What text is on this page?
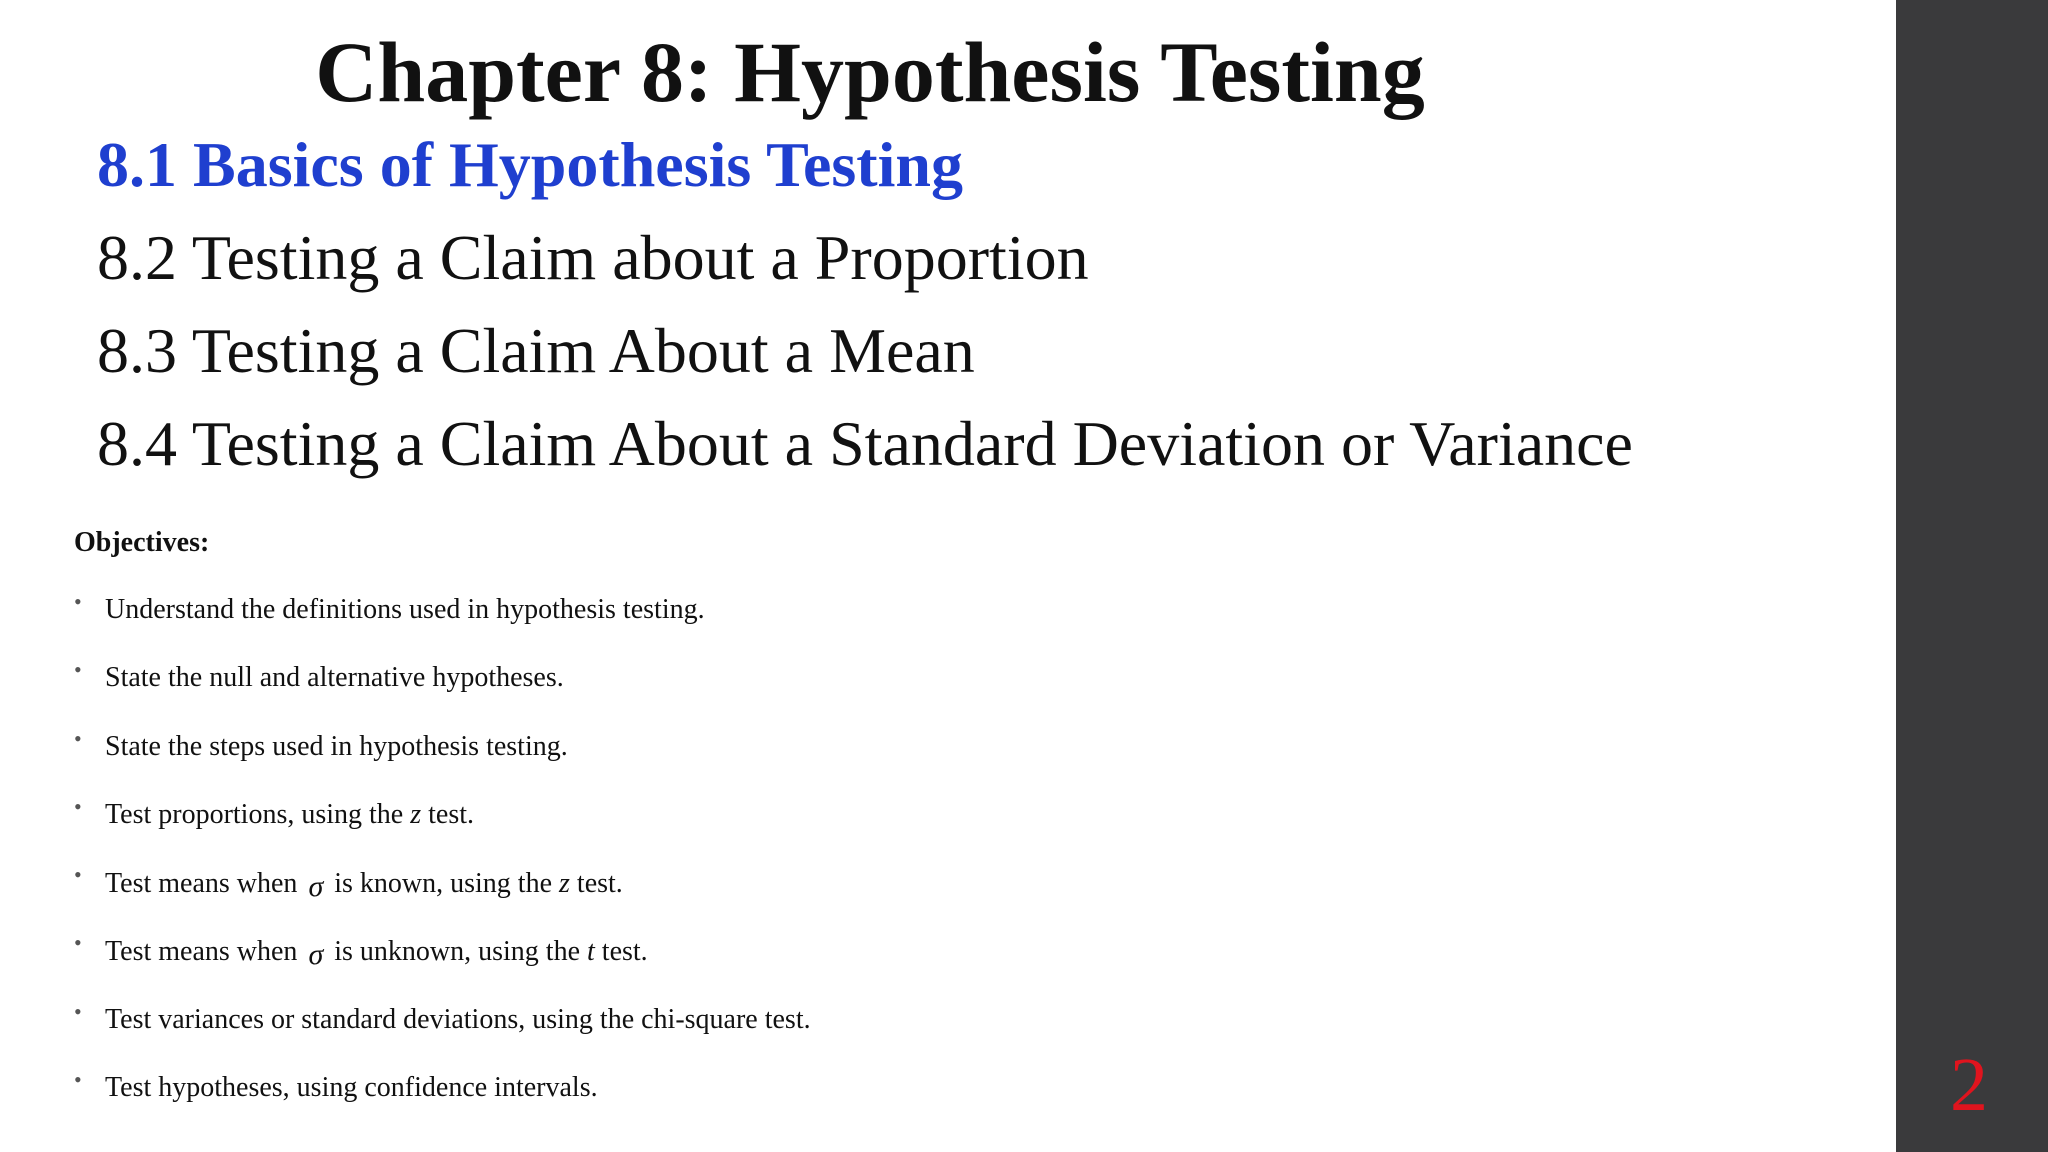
Chapter 8: Hypothesis Testing
8.1 Basics of Hypothesis Testing
8.2 Testing a Claim about a Proportion
8.3 Testing a Claim About a Mean
8.4 Testing a Claim About a Standard Deviation or Variance
Objectives:
• Understand the definitions used in hypothesis testing.
• State the null and alternative hypotheses.
• State the steps used in hypothesis testing.
• Test proportions, using the z test.
• Test means when σ is known, using the z test.
• Test means when σ is unknown, using the t test.
• Test variances or standard deviations, using the chi-square test.
• Test hypotheses, using confidence intervals.	2
